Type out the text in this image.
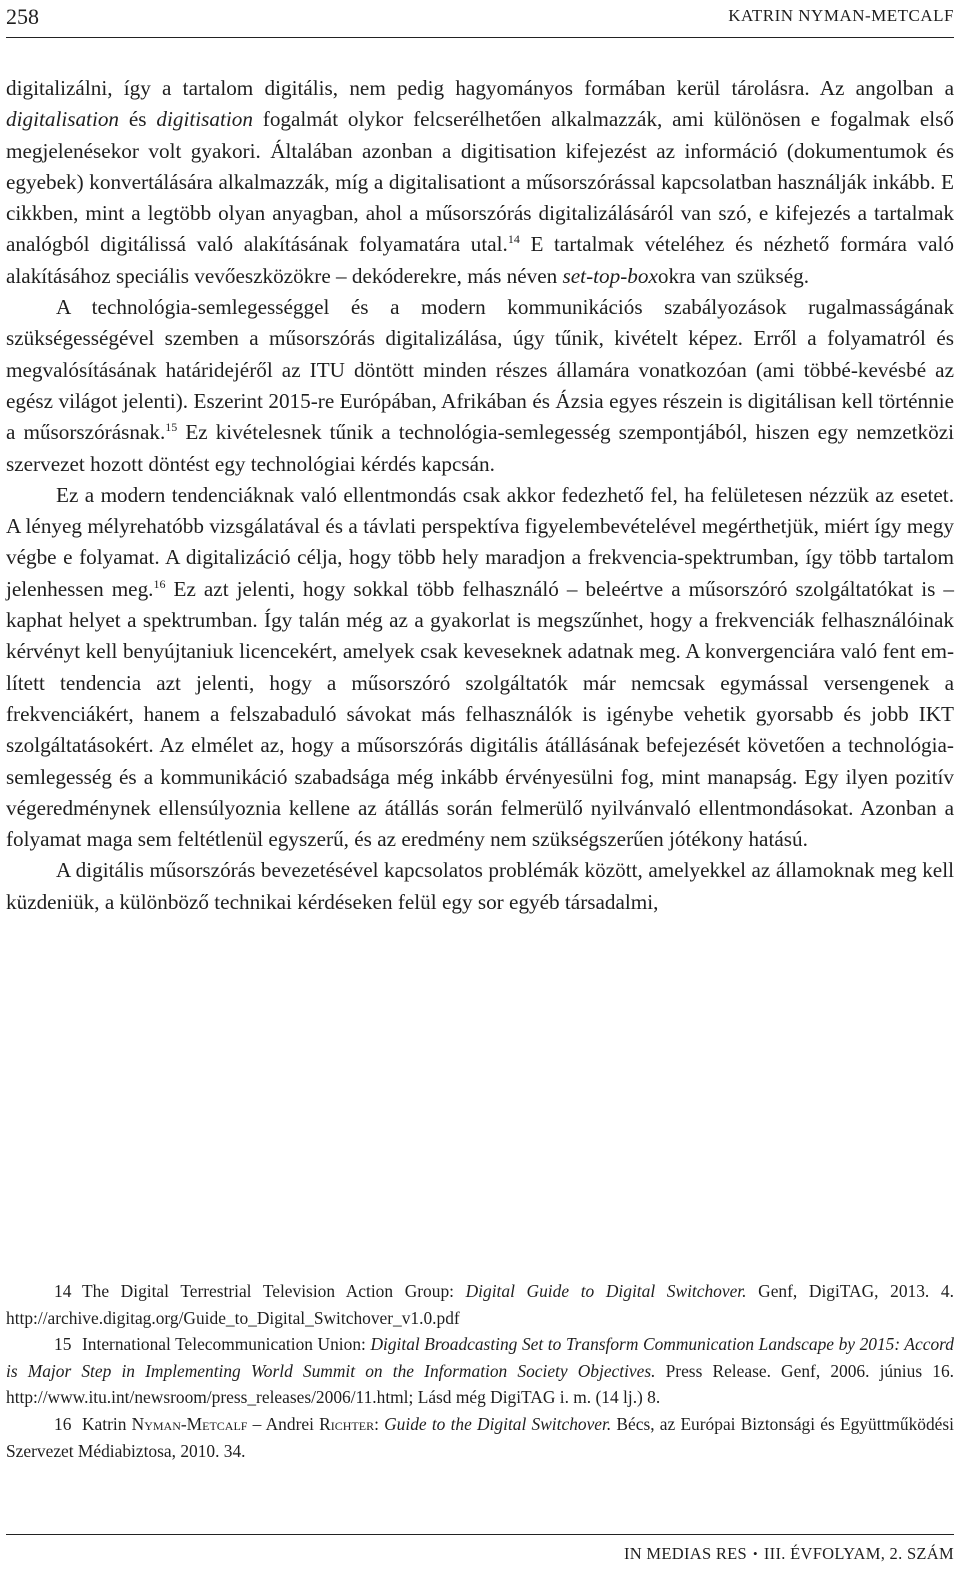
258	KATRIN NYMAN-METCALF

digitalizálni, így a tartalom digitális, nem pedig hagyományos formában kerül tárolásra. Az angolban a digitalisation és digitisation fogalmát olykor felcserélhetően alkalmazzák, ami különösen e fogalmak első megjelenésekor volt gyakori. Általában azonban a digitisation kifejezést az információ (dokumentumok és egyebek) konvertálására alkalmazzák, míg a digitalisationt a műsorszórással kapcsolatban használják inkább. E cikkben, mint a legtöbb olyan anyagban, ahol a műsorszórás digitalizálásáról van szó, e kifejezés a tartalmak analógból digitálissá való alakításának folyamatára utal.$^{14}$ E tartalmak vételéhez és nézhető formára való alakításához speciális vevőeszközökre – dekóderekre, más néven set-top-boxokra van szükség.

A technológia-semlegességgel és a modern kommunikációs szabályozások rugalmasságának szükségességével szemben a műsorszórás digitalizálása, úgy tűnik, kivételt képez. Erről a folyamatról és megvalósításának határidejéről az ITU döntött minden részes államára vonatkozóan (ami többé-kevésbé az egész világot jelenti). Eszerint 2015-re Európában, Afrikában és Ázsia egyes részein is digitálisan kell történnie a műsorszórásnak.$^{15}$ Ez kivételesnek tűnik a technológia-semlegesség szempontjából, hiszen egy nemzetközi szervezet hozott döntést egy technológiai kérdés kapcsán.

Ez a modern tendenciáknak való ellentmondás csak akkor fedezhető fel, ha felületesen nézzük az esetet. A lényeg mélyrehatóbb vizsgálatával és a távlati perspektíva figyelembevételével megérthetjük, miért így megy végbe e folyamat. A digitalizáció célja, hogy több hely maradjon a frekvencia-spektrumban, így több tartalom jelenhessen meg.$^{16}$ Ez azt jelenti, hogy sokkal több felhasználó – beleértve a műsorszóró szolgáltatókat is – kaphat helyet a spektrumban. Így talán még az a gyakorlat is megszűnhet, hogy a frekvenciák felhasználóinak kérvényt kell benyújtaniuk licencekért, amelyek csak keveseknek adatnak meg. A konvergenciára való fent említett tendencia azt jelenti, hogy a műsorszóró szolgáltatók már nemcsak egymással versengenek a frekvenciákért, hanem a felszabaduló sávokat más felhasználók is igénybe vehetik gyorsabb és jobb IKT szolgáltatásokért. Az elmélet az, hogy a műsorszórás digitális átállásának befejezését követően a technológia-semlegesség és a kommunikáció szabadsága még inkább érvényesülni fog, mint manapság. Egy ilyen pozitív végeredménynek ellensúlyoznia kellene az átállás során felmerülő nyilvánvaló ellentmondásokat. Azonban a folyamat maga sem feltétlenül egyszerű, és az eredmény nem szükségszerűen jótékony hatású.

A digitális műsorszórás bevezetésével kapcsolatos problémák között, amelyekkel az államoknak meg kell küzdeniük, a különböző technikai kérdéseken felül egy sor egyéb társadalmi,

14 The Digital Terrestrial Television Action Group: Digital Guide to Digital Switchover. Genf, DigiTAG, 2013. 4. http://archive.digitag.org/Guide_to_Digital_Switchover_v1.0.pdf

15 International Telecommunication Union: Digital Broadcasting Set to Transform Communication Landscape by 2015: Accord is Major Step in Implementing World Summit on the Information Society Objectives. Press Release. Genf, 2006. június 16. http://www.itu.int/newsroom/press_releases/2006/11.html; Lásd még DigiTAG i. m. (14 lj.) 8.

16 Katrin Nyman-Metcalf – Andrei Richter: Guide to the Digital Switchover. Bécs, az Európai Biztonsági és Együttműködési Szervezet Médiabiztosa, 2010. 34.

IN MEDIAS RES • III. ÉVFOLYAM, 2. SZÁM
